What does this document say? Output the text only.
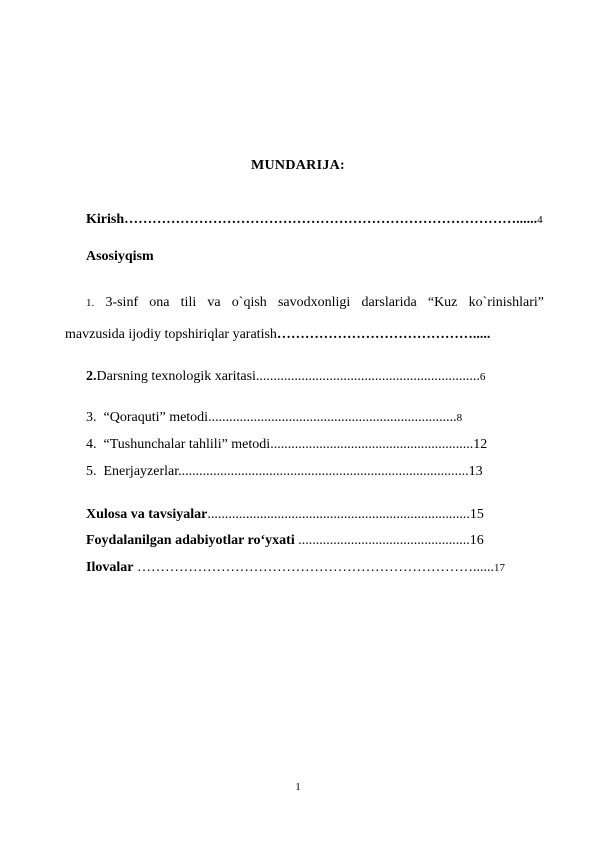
MUNDARIJA:
Kirish…………………………………………………………………………......4
Asosiyqism
1. 3-sinf ona tili va o`qish savodxonligi darslarida “Kuz ko`rinishlari”
mavzusida ijodiy topshiriqlar yaratish…………………………………….....
2.Darsning texnologik xaritasi................................................................6
3. “Qoraquti” metodi.......................................................................8
4. “Tushunchalar tahlili” metodi..........................................................12
5. Enerjayzerlar...................................................................................13
Xulosa va tavsiyalar...........................................................................15
Foydalanilgan adabiyotlar ro‘yxati .................................................16
Ilovalar ………………………………………………………………......17
1
